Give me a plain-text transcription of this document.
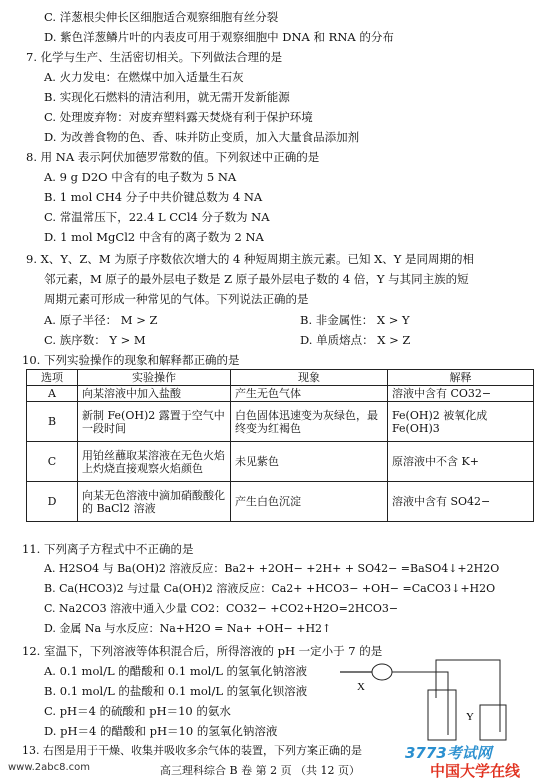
C. 洋葱根尖伸长区细胞适合观察细胞有丝分裂
D. 紫色洋葱鳞片叶的内表皮可用于观察细胞中 DNA 和 RNA 的分布
7. 化学与生产、生活密切相关。下列做法合理的是
A. 火力发电：在燃煤中加入适量生石灰
B. 实现化石燃料的清洁利用，就无需开发新能源
C. 处理废弃物：对废弃塑料露天焚烧有利于保护环境
D. 为改善食物的色、香、味并防止变质，加入大量食品添加剂
8. 用 NA 表示阿伏加德罗常数的值。下列叙述中正确的是
A. 9 g D2O 中含有的电子数为 5 NA
B. 1 mol CH4 分子中共价键总数为 4 NA
C. 常温常压下，22.4 L CCl4 分子数为 NA
D. 1 mol MgCl2 中含有的离子数为 2 NA
9. X、Y、Z、M 为原子序数依次增大的 4 种短周期主族元素。已知 X、Y 是同周期的相
邻元素，M 原子的最外层电子数是 Z 原子最外层电子数的 4 倍，Y 与其同主族的短
周期元素可形成一种常见的气体。下列说法正确的是
A. 原子半径： M > Z	B. 非金属性： X > Y
C. 族序数： Y > M	D. 单质熔点： X > Z
10. 下列实验操作的现象和解释都正确的是
选项	实验操作	现象	解释
A	向某溶液中加入盐酸	产生无色气体	溶液中含有 CO32−
B	新制 Fe(OH)2 露置于空气中一段时间	白色固体迅速变为灰绿色，最终变为红褐色	Fe(OH)2 被氧化成 Fe(OH)3
C	用铂丝蘸取某溶液在无色火焰上灼烧直接观察火焰颜色	未见紫色	原溶液中不含 K+
D	向某无色溶液中滴加硝酸酸化的 BaCl2 溶液	产生白色沉淀	溶液中含有 SO42−
11. 下列离子方程式中不正确的是
A. H2SO4 与 Ba(OH)2 溶液反应：Ba2+ +2OH− +2H+ + SO42− =BaSO4↓+2H2O
B. Ca(HCO3)2 与过量 Ca(OH)2 溶液反应：Ca2+ +HCO3− +OH− =CaCO3↓+H2O
C. Na2CO3 溶液中通入少量 CO2：CO32− +CO2+H2O=2HCO3−
D. 金属 Na 与水反应：Na+H2O = Na+ +OH− +H2↑
12. 室温下，下列溶液等体积混合后，所得溶液的 pH 一定小于 7 的是
A. 0.1 mol/L 的醋酸和 0.1 mol/L 的氢氧化钠溶液
B. 0.1 mol/L 的盐酸和 0.1 mol/L 的氢氧化钡溶液
C. pH＝4 的硫酸和 pH＝10 的氨水
D. pH＝4 的醋酸和 pH＝10 的氢氧化钠溶液
13. 右图是用于干燥、收集并吸收多余气体的装置，下列方案正确的是
高三理科综合 B 卷 第 2 页 （共 12 页）
www.2abc8.com
3773考试网
中国大学在线
X
Y
